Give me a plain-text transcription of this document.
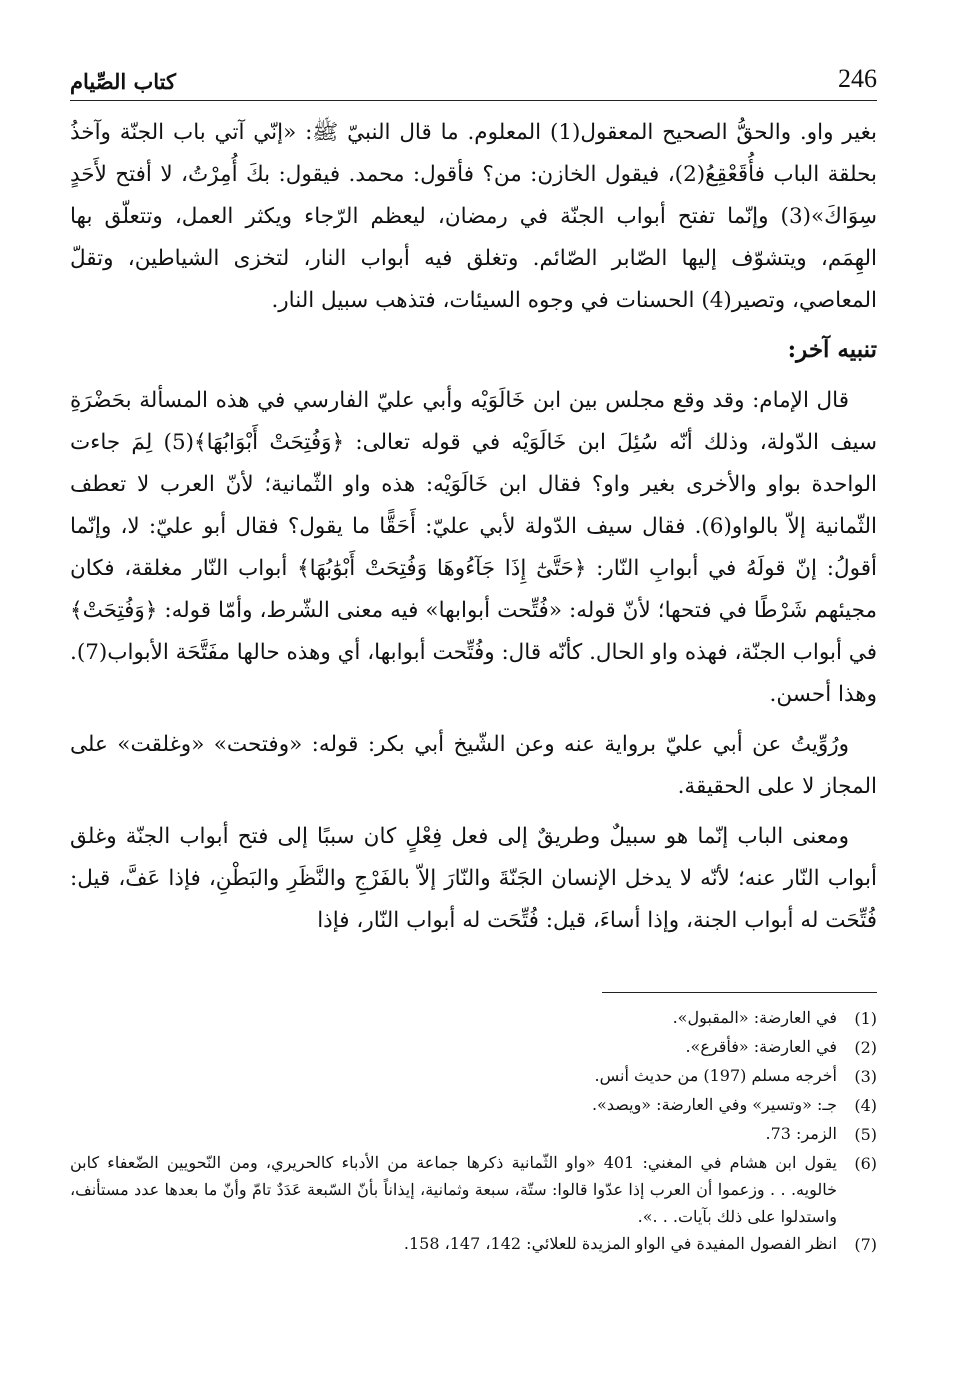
246
كتاب الصِّيام

بغير واو. والحقُّ الصحيح المعقول(1) المعلوم. ما قال النبيّ ﷺ: «إنّي آتي باب الجنّة وآخذُ بحلقة الباب فأُقَعْقِعُ(2)، فيقول الخازن: من؟ فأقول: محمد. فيقول: بكَ أُمِرْتُ، لا أفتح لأَحَدٍ سِوَاكَ»(3) وإنّما تفتح أبواب الجنّة في رمضان، ليعظم الرّجاء ويكثر العمل، وتتعلّق بها الهِمَم، ويتشوّف إليها الصّابر الصّائم. وتغلق فيه أبواب النار، لتخزى الشياطين، وتقلّ المعاصي، وتصير(4) الحسنات في وجوه السيئات، فتذهب سبيل النار.

تنبيه آخر:

قال الإمام: وقد وقع مجلس بين ابن خَالَوَيْه وأبي عليّ الفارسي في هذه المسألة بحَضْرَةِ سيف الدّولة، وذلك أنّه سُئِلَ ابن خَالَوَيْه في قوله تعالى: ﴿وَفُتِحَتْ أَبْوَابُهَا﴾(5) لِمَ جاءت الواحدة بواو والأخرى بغير واو؟ فقال ابن خَالَوَيْه: هذه واو الثّمانية؛ لأنّ العرب لا تعطف الثّمانية إلاّ بالواو(6). فقال سيف الدّولة لأبي عليّ: أَحَقًّا ما يقول؟ فقال أبو عليّ: لا، وإنّما أقولُ: إنّ قولَهُ في أبوابِ النّار: ﴿حَتَّىٰٓ إِذَا جَآءُوهَا وَفُتِحَتْ أَبْوَٰبُهَا﴾ أبواب النّار مغلقة، فكان مجيئهم شَرْطًا في فتحها؛ لأنّ قوله: «فُتِّحت أبوابها» فيه معنى الشّرط، وأمّا قوله: ﴿وَفُتِحَتْ﴾ في أبواب الجنّة، فهذه واو الحال. كأنّه قال: وفُتِّحت أبوابها، أي وهذه حالها مفَتَّحَة الأبواب(7). وهذا أحسن.

ورُوِّيتُ عن أبي عليّ برواية عنه وعن الشّيخ أبي بكر: قوله: «وفتحت» «وغلقت» على المجاز لا على الحقيقة.

ومعنى الباب إنّما هو سبيلٌ وطريقٌ إلى فعل فِعْلٍ كان سببًا إلى فتح أبواب الجنّة وغلق أبواب النّار عنه؛ لأنّه لا يدخل الإنسان الجَنّةَ والنّارَ إلاّ بالفَرْجِ والنَّظَرِ والبَطْنِ، فإذا عَفَّ، قيل: فُتِّحَت له أبواب الجنة، وإذا أساءَ، قيل: فُتِّحَت له أبواب النّار، فإذا

(1)
في العارضة: «المقبول».
(2)
في العارضة: «فأقرع».
(3)
أخرجه مسلم (197) من حديث أنس.
(4)
جـ: «وتسير» وفي العارضة: «ويصد».
(5)
الزمر: 73.
(6)
يقول ابن هشام في المغني: 401 «واو الثّمانية ذكرها جماعة من الأدباء كالحريري، ومن النّحويين الضّعفاء كابن خالويه. . . وزعموا أن العرب إذا عدّوا قالوا: ستّة، سبعة وثمانية، إيذاناً بأنّ السّبعة عَدَدٌ تامّ وأنّ ما بعدها عدد مستأنف، واستدلوا على ذلك بآيات. . .».
(7)
انظر الفصول المفيدة في الواو المزيدة للعلائي: 142، 147، 158.
